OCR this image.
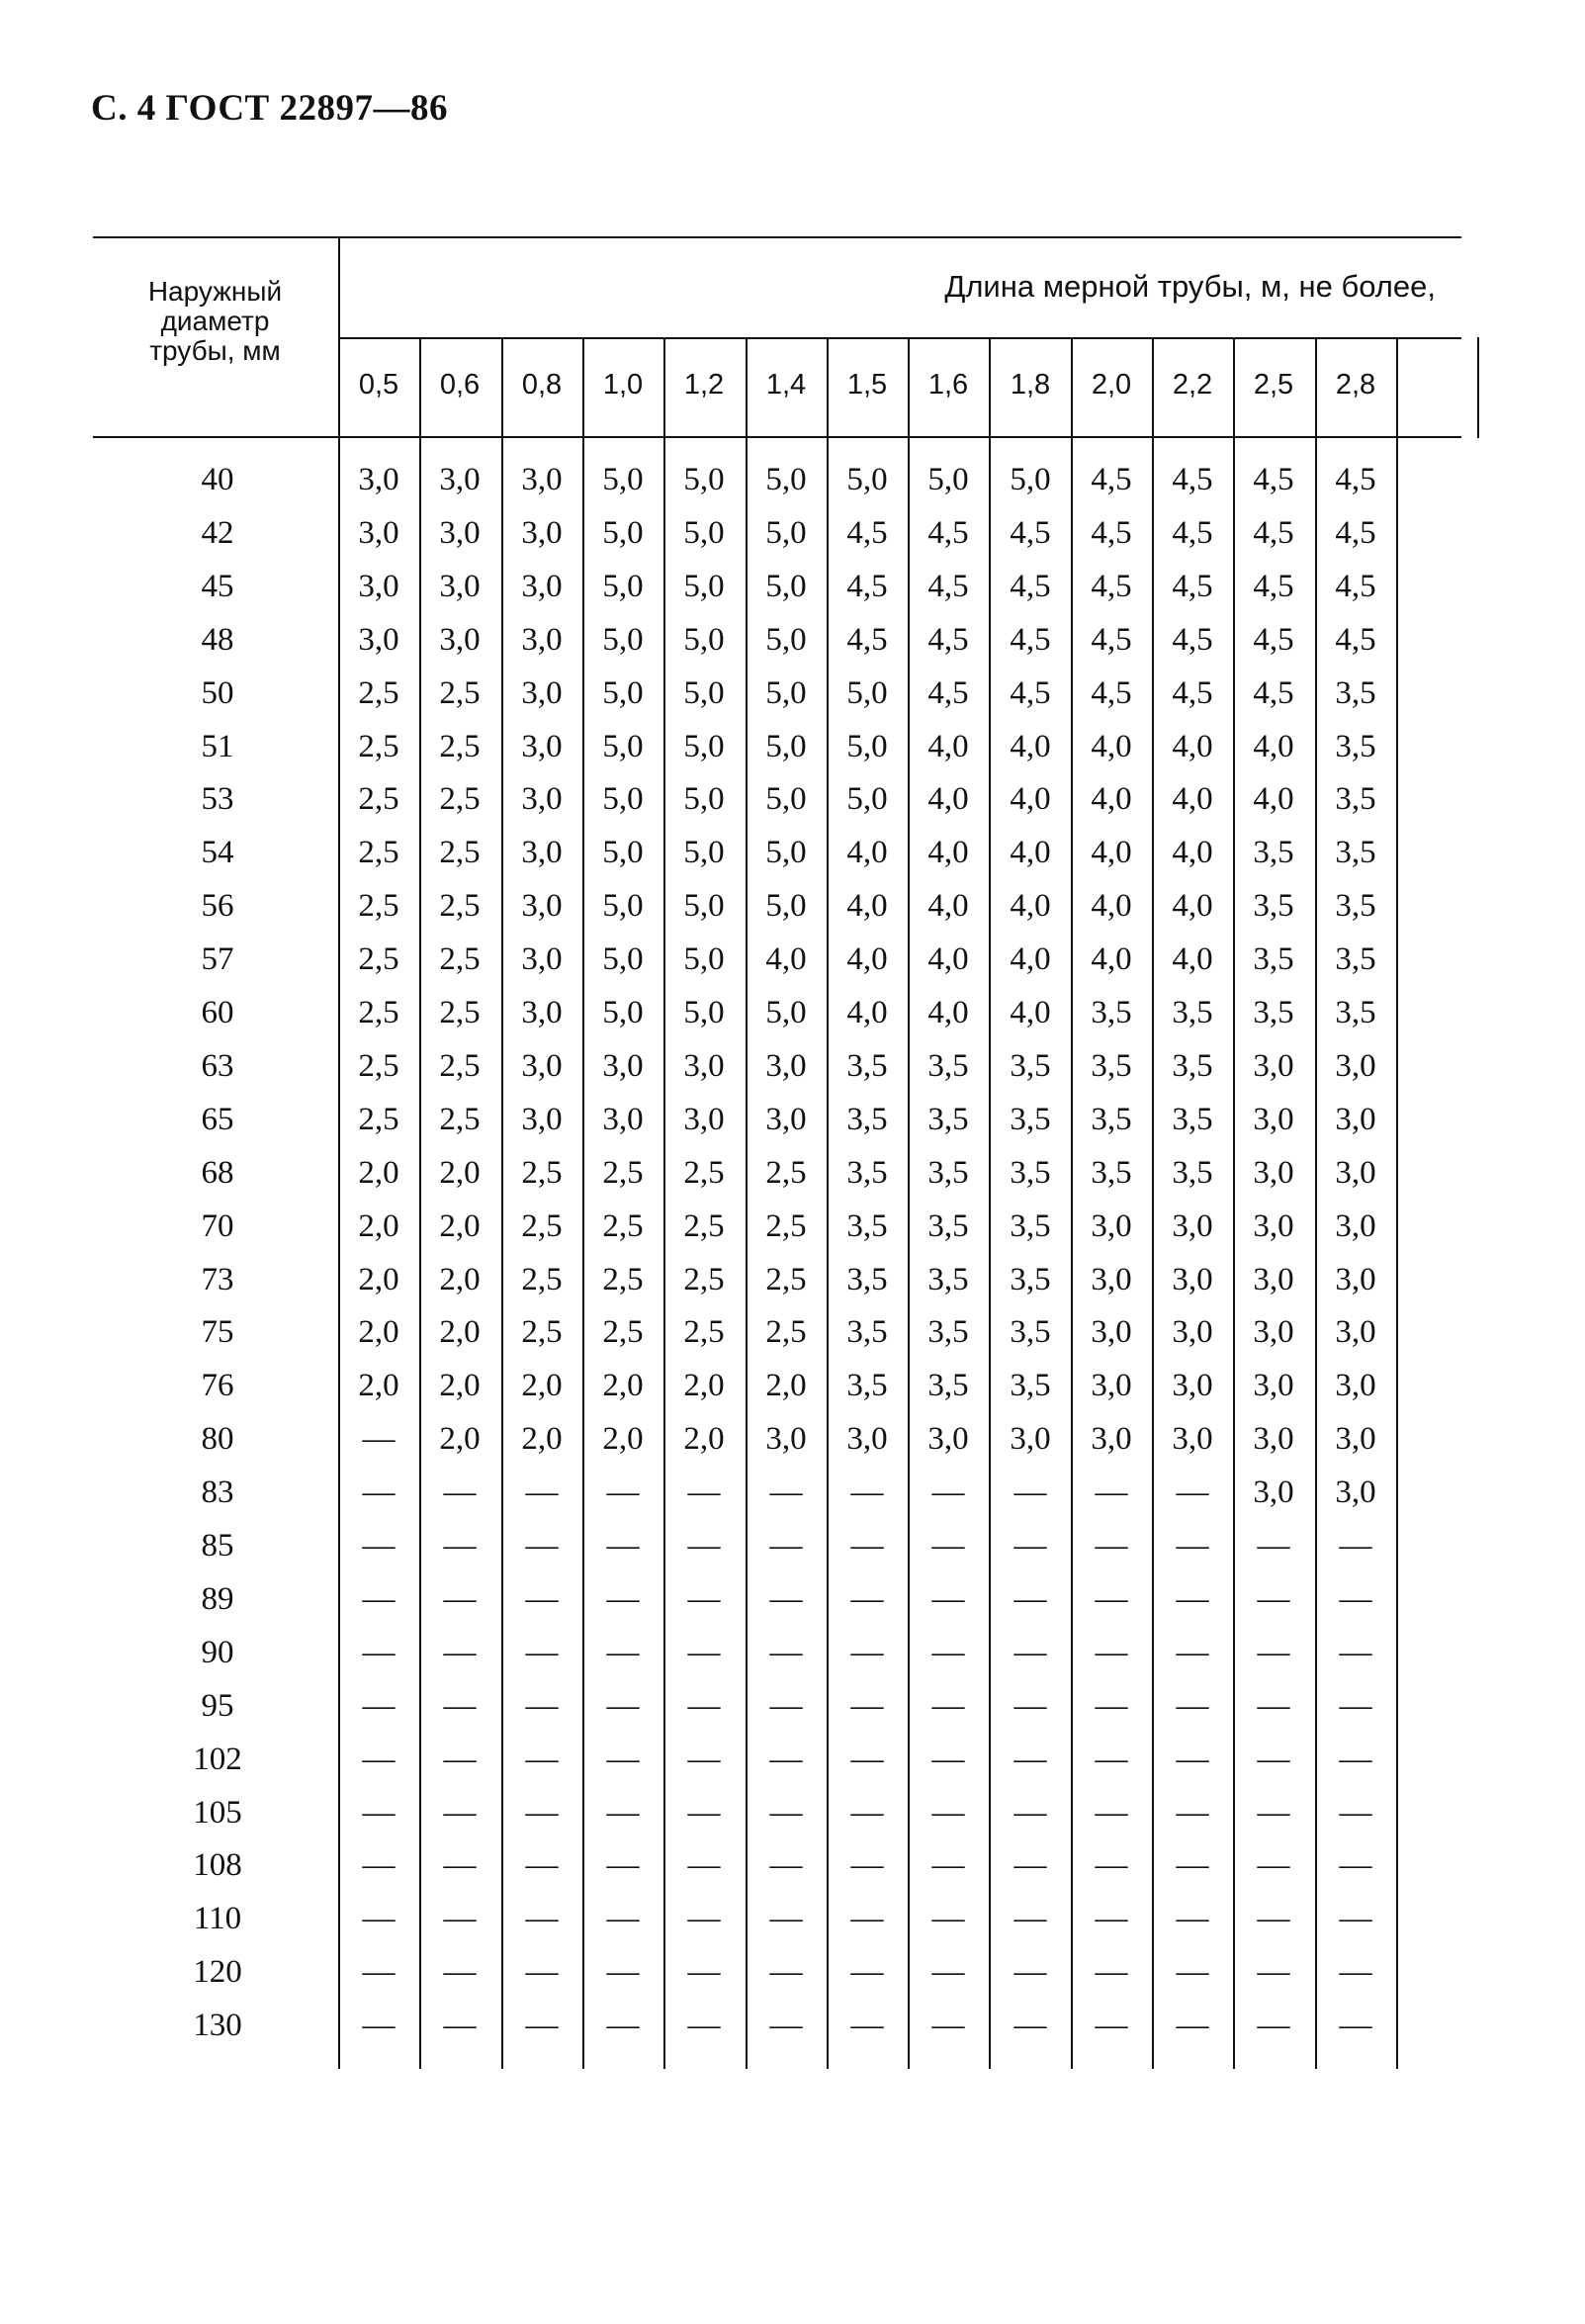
С. 4 ГОСТ 22897—86
Наружный
диаметр
трубы, мм
Длина мерной трубы, м, не более,
0,5	0,6	0,8	1,0	1,2	1,4	1,5	1,6	1,8	2,0	2,2	2,5	2,8
40	3,0	3,0	3,0	5,0	5,0	5,0	5,0	5,0	5,0	4,5	4,5	4,5	4,5
42	3,0	3,0	3,0	5,0	5,0	5,0	4,5	4,5	4,5	4,5	4,5	4,5	4,5
45	3,0	3,0	3,0	5,0	5,0	5,0	4,5	4,5	4,5	4,5	4,5	4,5	4,5
48	3,0	3,0	3,0	5,0	5,0	5,0	4,5	4,5	4,5	4,5	4,5	4,5	4,5
50	2,5	2,5	3,0	5,0	5,0	5,0	5,0	4,5	4,5	4,5	4,5	4,5	3,5
51	2,5	2,5	3,0	5,0	5,0	5,0	5,0	4,0	4,0	4,0	4,0	4,0	3,5
53	2,5	2,5	3,0	5,0	5,0	5,0	5,0	4,0	4,0	4,0	4,0	4,0	3,5
54	2,5	2,5	3,0	5,0	5,0	5,0	4,0	4,0	4,0	4,0	4,0	3,5	3,5
56	2,5	2,5	3,0	5,0	5,0	5,0	4,0	4,0	4,0	4,0	4,0	3,5	3,5
57	2,5	2,5	3,0	5,0	5,0	4,0	4,0	4,0	4,0	4,0	4,0	3,5	3,5
60	2,5	2,5	3,0	5,0	5,0	5,0	4,0	4,0	4,0	3,5	3,5	3,5	3,5
63	2,5	2,5	3,0	3,0	3,0	3,0	3,5	3,5	3,5	3,5	3,5	3,0	3,0
65	2,5	2,5	3,0	3,0	3,0	3,0	3,5	3,5	3,5	3,5	3,5	3,0	3,0
68	2,0	2,0	2,5	2,5	2,5	2,5	3,5	3,5	3,5	3,5	3,5	3,0	3,0
70	2,0	2,0	2,5	2,5	2,5	2,5	3,5	3,5	3,5	3,0	3,0	3,0	3,0
73	2,0	2,0	2,5	2,5	2,5	2,5	3,5	3,5	3,5	3,0	3,0	3,0	3,0
75	2,0	2,0	2,5	2,5	2,5	2,5	3,5	3,5	3,5	3,0	3,0	3,0	3,0
76	2,0	2,0	2,0	2,0	2,0	2,0	3,5	3,5	3,5	3,0	3,0	3,0	3,0
80	—	2,0	2,0	2,0	2,0	3,0	3,0	3,0	3,0	3,0	3,0	3,0	3,0
83	—	—	—	—	—	—	—	—	—	—	—	3,0	3,0
85	—	—	—	—	—	—	—	—	—	—	—	—	—
89	—	—	—	—	—	—	—	—	—	—	—	—	—
90	—	—	—	—	—	—	—	—	—	—	—	—	—
95	—	—	—	—	—	—	—	—	—	—	—	—	—
102	—	—	—	—	—	—	—	—	—	—	—	—	—
105	—	—	—	—	—	—	—	—	—	—	—	—	—
108	—	—	—	—	—	—	—	—	—	—	—	—	—
110	—	—	—	—	—	—	—	—	—	—	—	—	—
120	—	—	—	—	—	—	—	—	—	—	—	—	—
130	—	—	—	—	—	—	—	—	—	—	—	—	—
